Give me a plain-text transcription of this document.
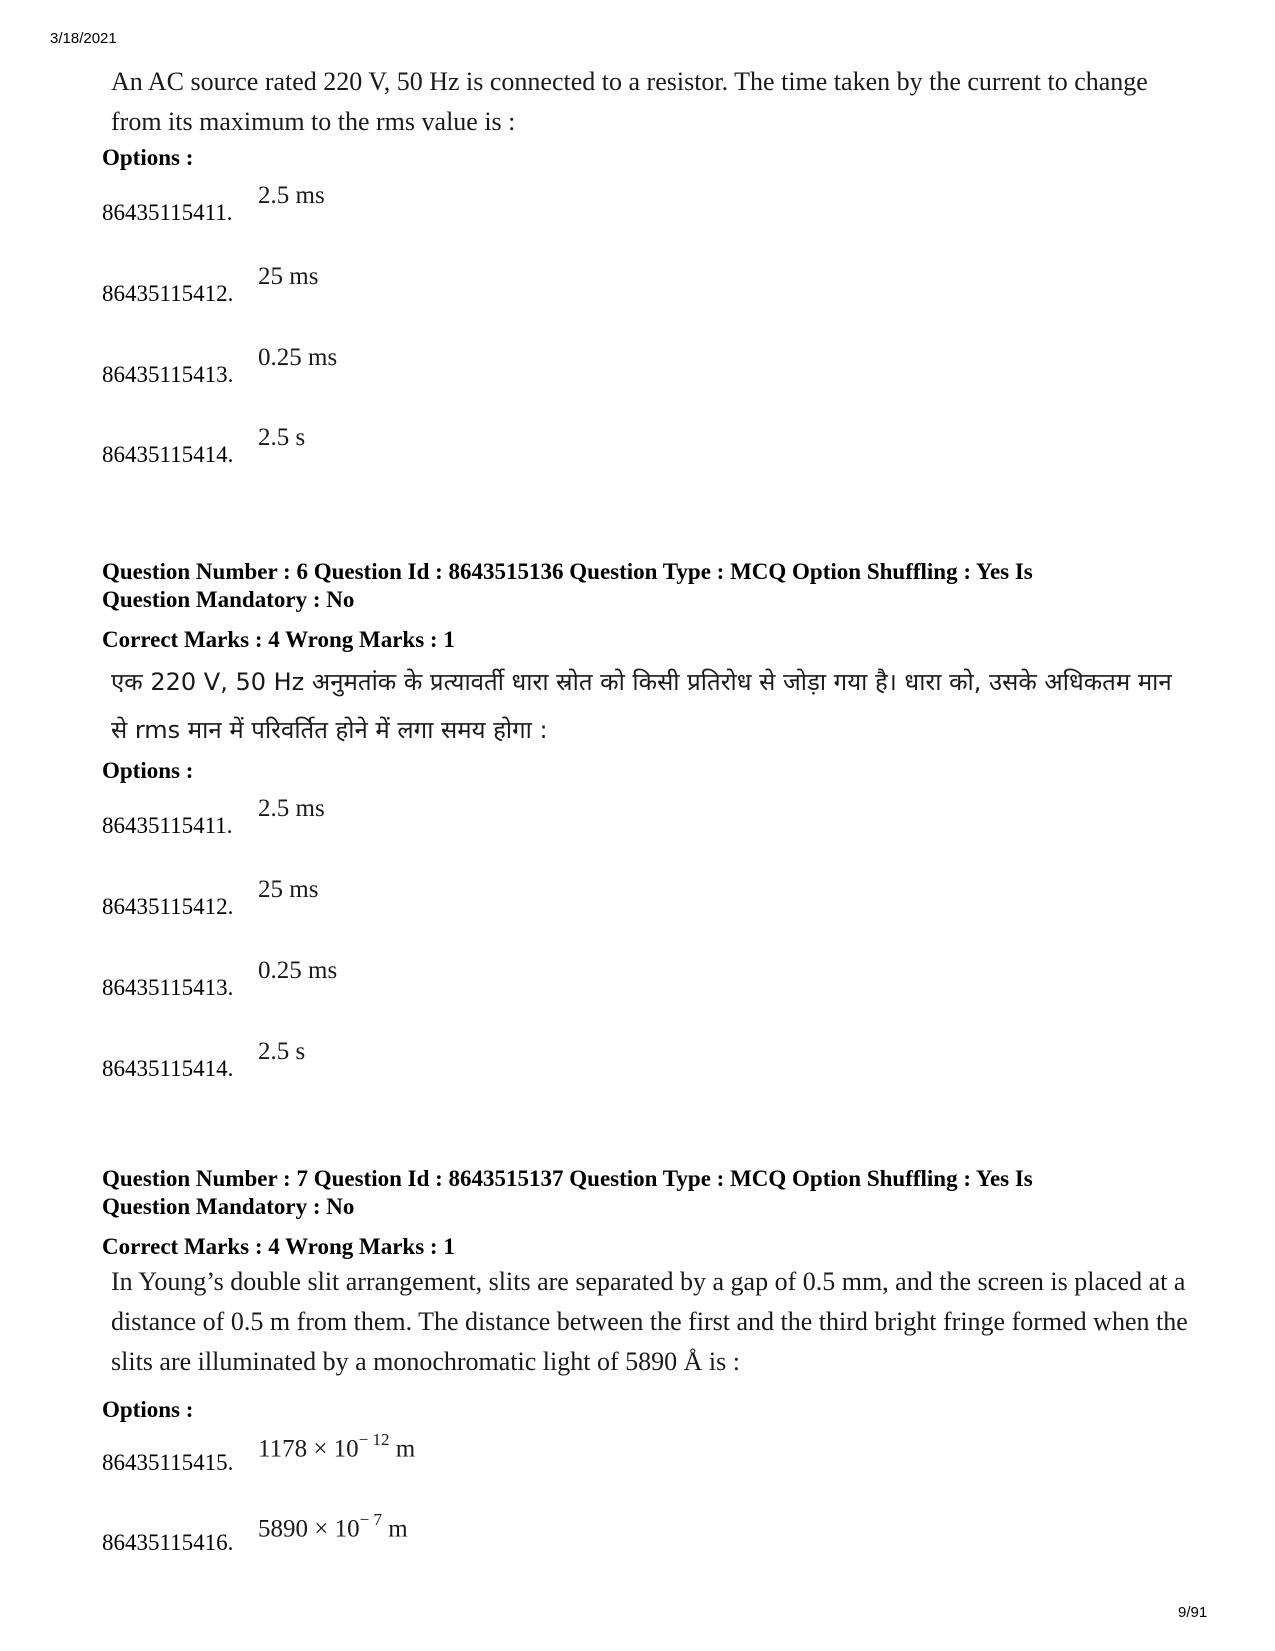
3/18/2021
An AC source rated 220 V, 50 Hz is connected to a resistor. The time taken by the current to change from its maximum to the rms value is :
Options :
86435115411.
2.5 ms
86435115412.
25 ms
86435115413.
0.25 ms
86435115414.
2.5 s
Question Number : 6 Question Id : 8643515136 Question Type : MCQ Option Shuffling : Yes Is
Question Mandatory : No
Correct Marks : 4 Wrong Marks : 1
एक 220 V, 50 Hz अनुमतांक के प्रत्यावर्ती धारा स्रोत को किसी प्रतिरोध से जोड़ा गया है। धारा को, उसके अधिकतम मान से rms मान में परिवर्तित होने में लगा समय होगा :
Options :
86435115411.
2.5 ms
86435115412.
25 ms
86435115413.
0.25 ms
86435115414.
2.5 s
Question Number : 7 Question Id : 8643515137 Question Type : MCQ Option Shuffling : Yes Is
Question Mandatory : No
Correct Marks : 4 Wrong Marks : 1
In Young’s double slit arrangement, slits are separated by a gap of 0.5 mm, and the screen is placed at a distance of 0.5 m from them. The distance between the first and the third bright fringe formed when the slits are illuminated by a monochromatic light of 5890 Å is :
Options :
86435115415.
$1178 \times 10^{- 12}$ m
86435115416.
$5890 \times 10^{- 7}$ m
9/91
